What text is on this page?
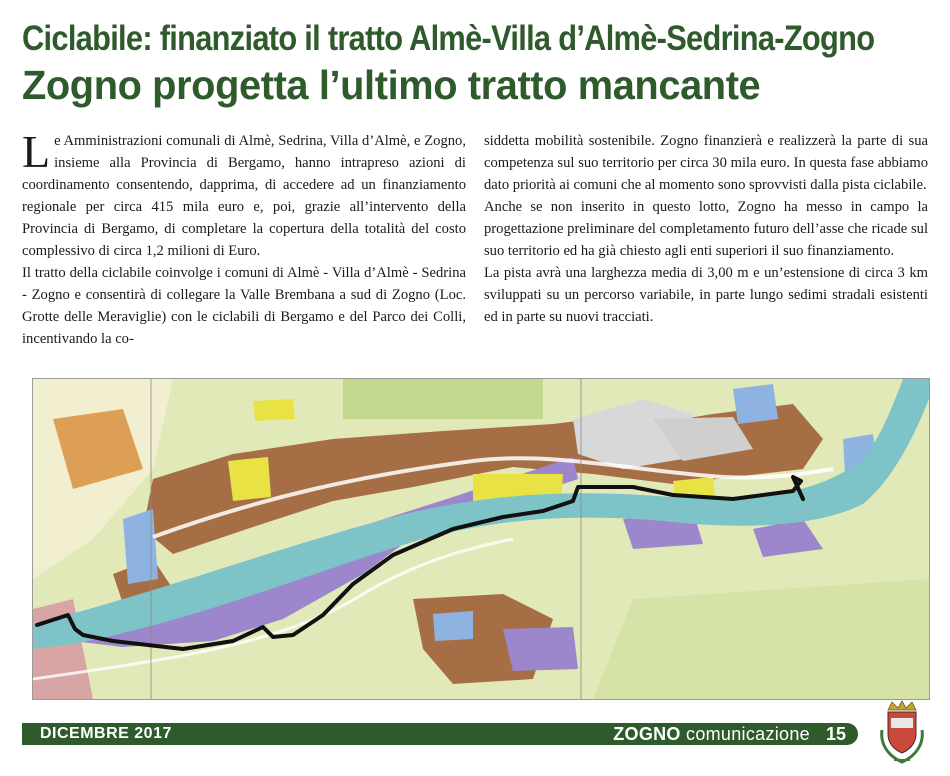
Ciclabile: finanziato il tratto Almè-Villa d’Almè-Sedrina-Zogno
Zogno progetta l’ultimo tratto mancante

Le Amministrazioni comunali di Almè, Sedrina, Villa d’Almè, e Zogno, insieme alla Provincia di Bergamo, hanno intrapreso azioni di coordinamento consentendo, dapprima, di accedere ad un finanziamento regionale per circa 415 mila euro e, poi, grazie all’intervento della Provincia di Bergamo, di completare la copertura della totalità del costo complessivo di circa 1,2 milioni di Euro.

Il tratto della ciclabile coinvolge i comuni di Almè - Villa d’Almè - Sedrina - Zogno e consentirà di collegare la Valle Brembana a sud di Zogno (Loc. Grotte delle Meraviglie) con le ciclabili di Bergamo e del Parco dei Colli, incentivando la co-

siddetta mobilità sostenibile. Zogno finanzierà e realizzerà la parte di sua competenza sul suo territorio per circa 30 mila euro. In questa fase abbiamo dato priorità ai comuni che al momento sono sprovvisti dalla pista ciclabile.

Anche se non inserito in questo lotto, Zogno ha messo in campo la progettazione preliminare del completamento futuro dell’asse che ricade sul suo territorio ed ha già chiesto agli enti superiori il suo finanziamento.

La pista avrà una larghezza media di 3,00 m e un’estensione di circa 3 km sviluppati su un percorso variabile, in parte lungo sedimi stradali esistenti ed in parte su nuovi tracciati.

DICEMBRE 2017	ZOGNO comunicazione 15
